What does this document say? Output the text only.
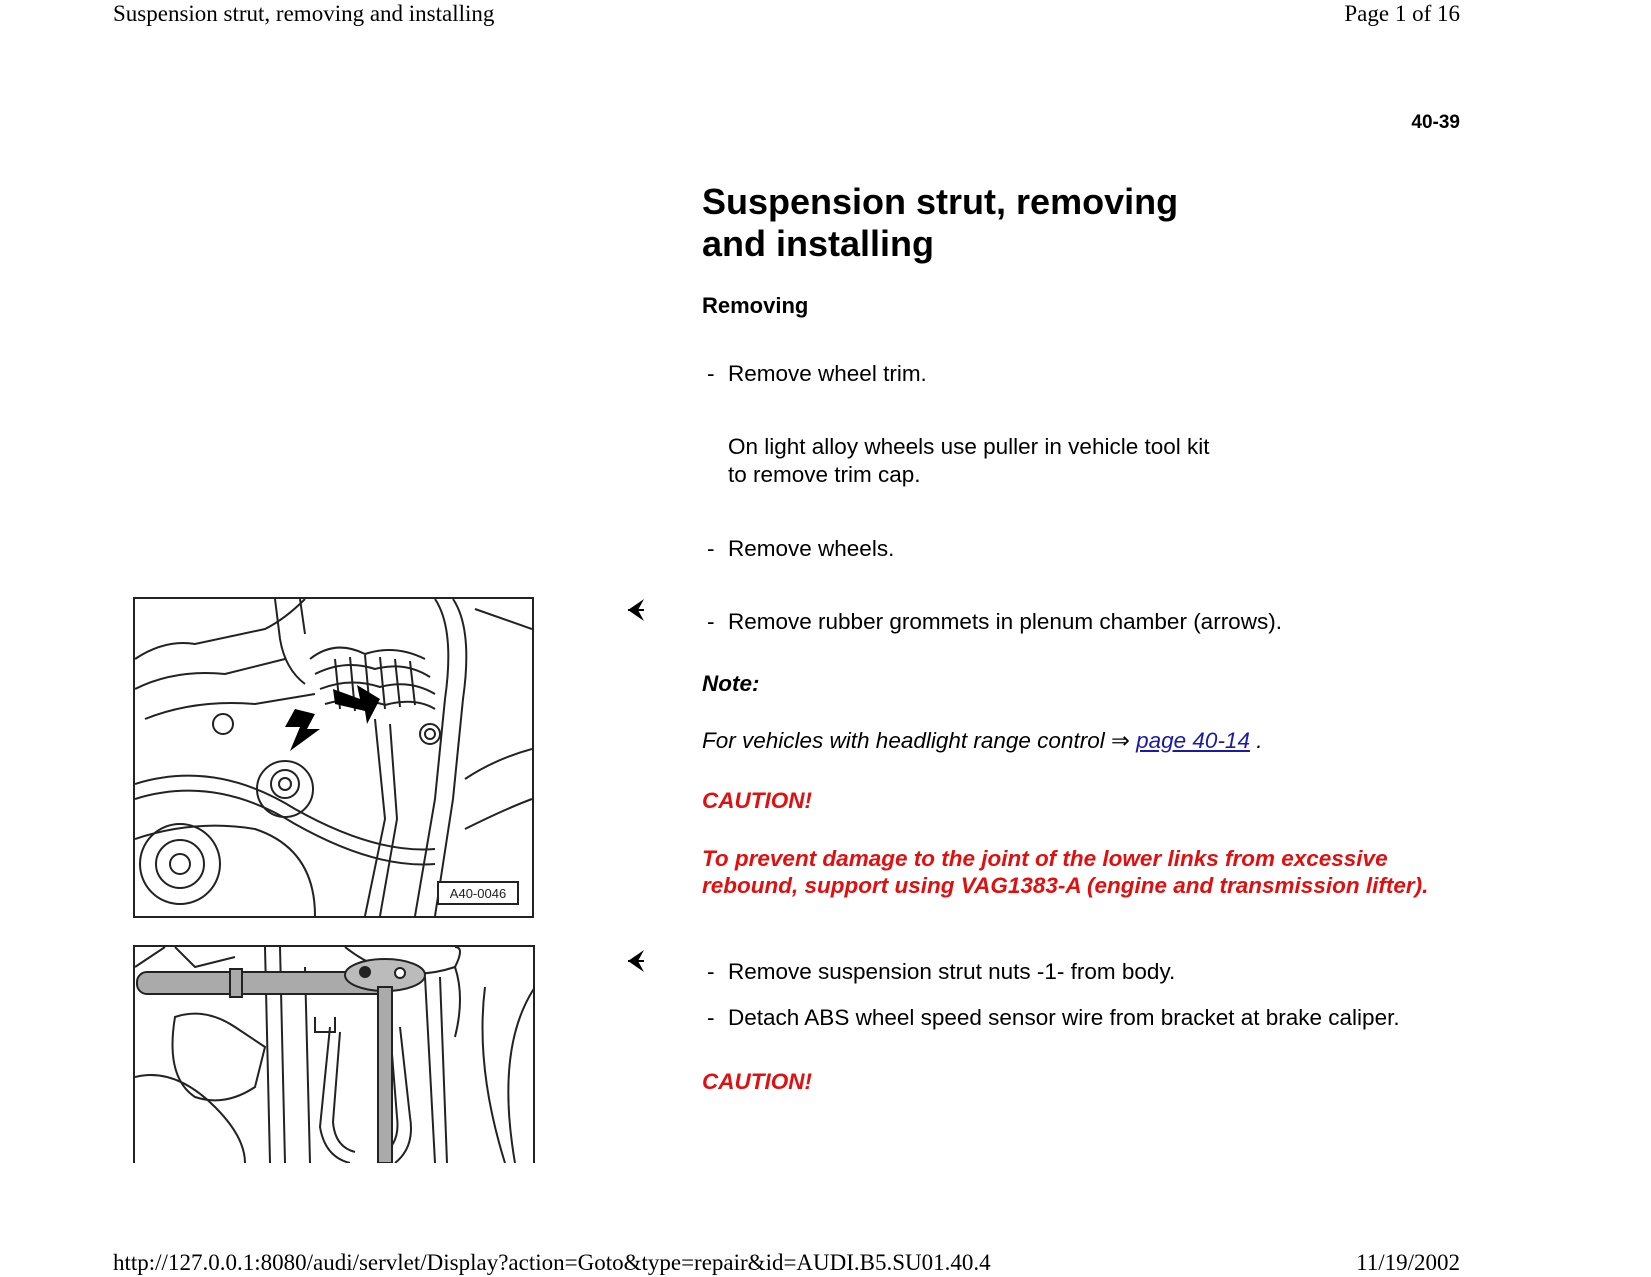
Suspension strut, removing and installing	Page 1 of 16
40-39
Suspension strut, removing
and installing
Removing
- Remove wheel trim.
On light alloy wheels use puller in vehicle tool kit
to remove trim cap.
- Remove wheels.
- Remove rubber grommets in plenum chamber (arrows).
Note:
For vehicles with headlight range control ⇒ page 40-14 .
CAUTION!
To prevent damage to the joint of the lower links from excessive
rebound, support using VAG1383-A (engine and transmission lifter).
- Remove suspension strut nuts -1- from body.
- Detach ABS wheel speed sensor wire from bracket at brake caliper.
CAUTION!
A40-0046
http://127.0.0.1:8080/audi/servlet/Display?action=Goto&type=repair&id=AUDI.B5.SU01.40.4	11/19/2002
